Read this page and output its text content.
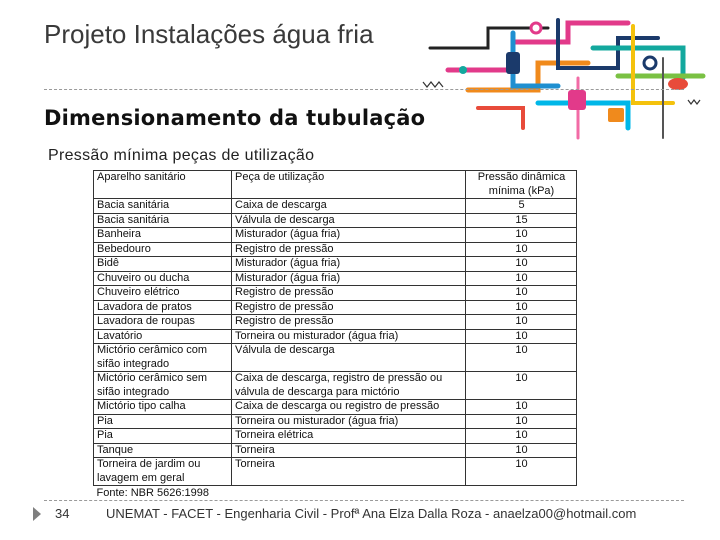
Projeto Instalações água fria
Dimensionamento da tubulação
Pressão mínima peças de utilização
Aparelho sanitário	Peça de utilização	Pressão dinâmica mínima (kPa)
Bacia sanitária	Caixa de descarga	5
Bacia sanitária	Válvula de descarga	15
Banheira	Misturador (água fria)	10
Bebedouro	Registro de pressão	10
Bidê	Misturador (água fria)	10
Chuveiro ou ducha	Misturador (água fria)	10
Chuveiro elétrico	Registro de pressão	10
Lavadora de pratos	Registro de pressão	10
Lavadora de roupas	Registro de pressão	10
Lavatório	Torneira ou misturador (água fria)	10
Mictório cerâmico com sifão integrado	Válvula de descarga	10
Mictório cerâmico sem sifão integrado	Caixa de descarga, registro de pressão ou válvula de descarga para mictório	10
Mictório tipo calha	Caixa de descarga ou registro de pressão	10
Pia	Torneira ou misturador (água fria)	10
Pia	Torneira elétrica	10
Tanque	Torneira	10
Torneira de jardim ou lavagem em geral	Torneira	10
Fonte: NBR 5626:1998		
34	UNEMAT - FACET - Engenharia Civil - Profª Ana Elza Dalla Roza - anaelza00@hotmail.com
